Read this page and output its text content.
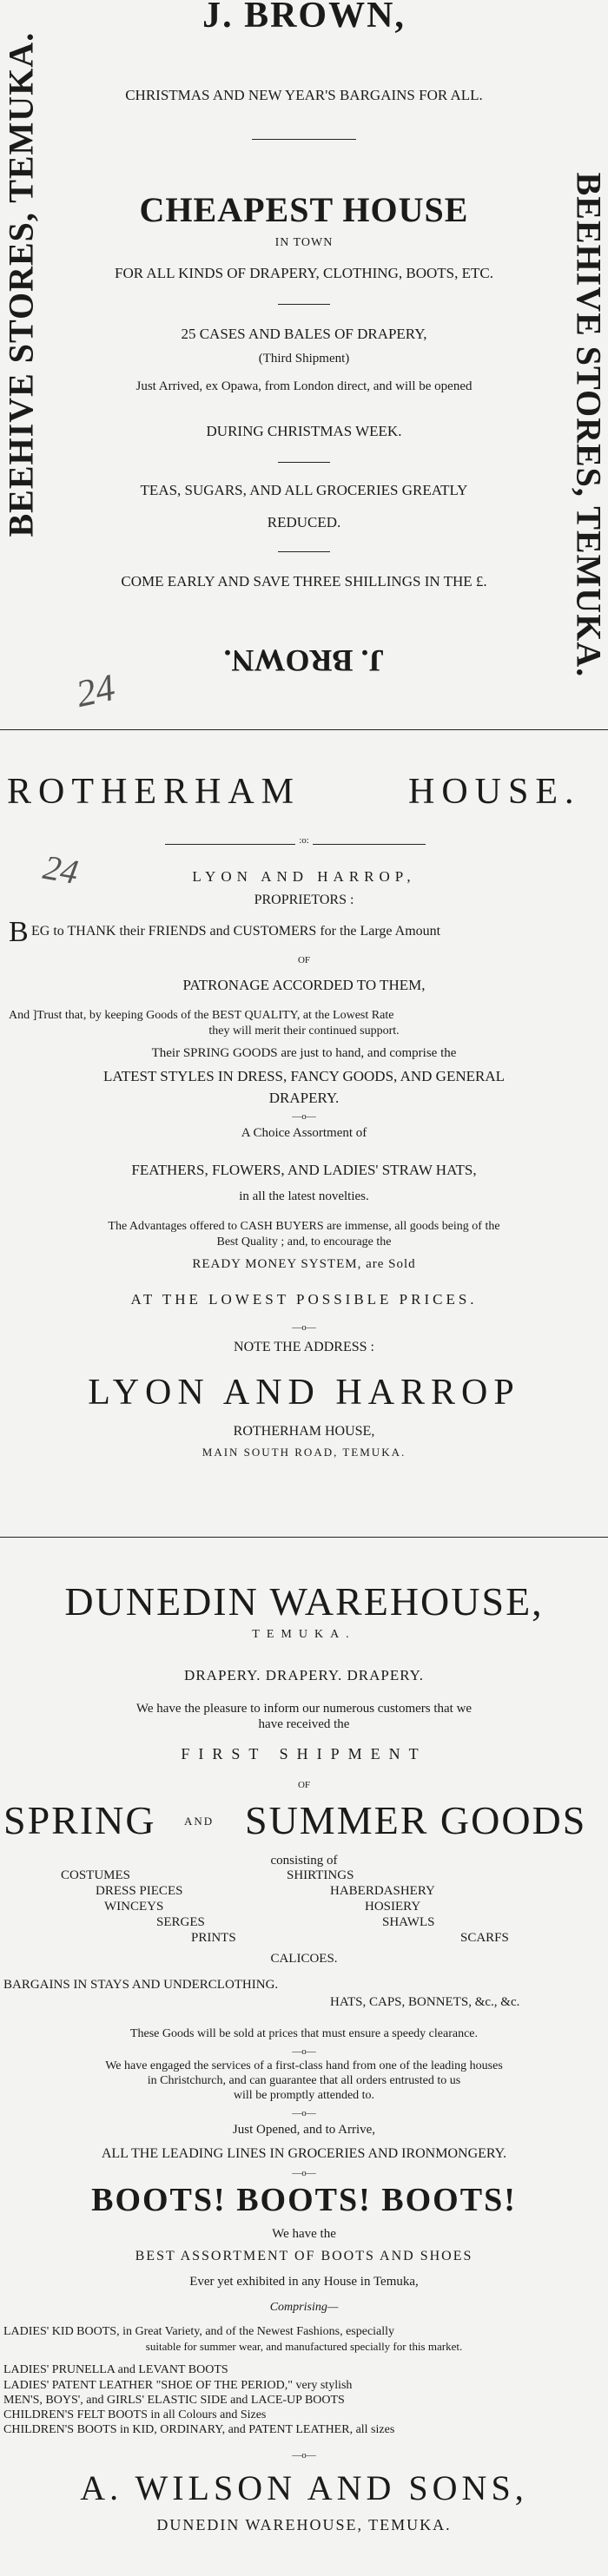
J. BROWN,
BEEHIVE STORES, TEMUKA.	BEEHIVE STORES, TEMUKA.
CHRISTMAS AND NEW YEAR'S BARGAINS FOR ALL.
CHEAPEST HOUSE
IN TOWN
FOR ALL KINDS OF DRAPERY, CLOTHING, BOOTS, ETC.
25 CASES AND BALES OF DRAPERY,
(Third Shipment)
Just Arrived, ex Opawa, from London direct, and will be opened
DURING CHRISTMAS WEEK.
TEAS, SUGARS, AND ALL GROCERIES GREATLY
REDUCED.
COME EARLY AND SAVE THREE SHILLINGS IN THE £.
J. BROWN.
24
ROTHERHAM	HOUSE.
:o:
24	LYON AND HARROP,
PROPRIETORS :
B EG to THANK their FRIENDS and CUSTOMERS for the Large Amount
OF
PATRONAGE ACCORDED TO THEM,
And ]Trust that, by keeping Goods of the BEST QUALITY, at the Lowest Rate
they will merit their continued support.
Their SPRING GOODS are just to hand, and comprise the
LATEST STYLES IN DRESS, FANCY GOODS, AND GENERAL
DRAPERY.
—o—
A Choice Assortment of
FEATHERS, FLOWERS, AND LADIES' STRAW HATS,
in all the latest novelties.
The Advantages offered to CASH BUYERS are immense, all goods being of the
Best Quality ; and, to encourage the
READY MONEY SYSTEM, are Sold
AT THE LOWEST POSSIBLE PRICES.
—o—
NOTE THE ADDRESS :
LYON AND HARROP
ROTHERHAM HOUSE,
MAIN SOUTH ROAD, TEMUKA.
DUNEDIN WAREHOUSE,
TEMUKA.
DRAPERY. DRAPERY. DRAPERY.
We have the pleasure to inform our numerous customers that we
have received the
FIRST SHIPMENT
OF
SPRING AND SUMMER GOODS
consisting of
COSTUMES	SHIRTINGS
DRESS PIECES	HABERDASHERY
WINCEYS	HOSIERY
SERGES	SHAWLS
PRINTS	SCARFS
CALICOES.
BARGAINS IN STAYS AND UNDERCLOTHING.
HATS, CAPS, BONNETS, &c., &c.
These Goods will be sold at prices that must ensure a speedy clearance.
—o—
We have engaged the services of a first-class hand from one of the leading houses
in Christchurch, and can guarantee that all orders entrusted to us
will be promptly attended to.
—o—
Just Opened, and to Arrive,
ALL THE LEADING LINES IN GROCERIES AND IRONMONGERY.
—o—
BOOTS! BOOTS! BOOTS!
We have the
BEST ASSORTMENT OF BOOTS AND SHOES
Ever yet exhibited in any House in Temuka,
Comprising—
LADIES' KID BOOTS, in Great Variety, and of the Newest Fashions, especially
suitable for summer wear, and manufactured specially for this market.
LADIES' PRUNELLA and LEVANT BOOTS
LADIES' PATENT LEATHER "SHOE OF THE PERIOD," very stylish
MEN'S, BOYS', and GIRLS' ELASTIC SIDE and LACE-UP BOOTS
CHILDREN'S FELT BOOTS in all Colours and Sizes
CHILDREN'S BOOTS in KID, ORDINARY, and PATENT LEATHER, all sizes
—o—
A. WILSON AND SONS,
DUNEDIN WAREHOUSE, TEMUKA.
